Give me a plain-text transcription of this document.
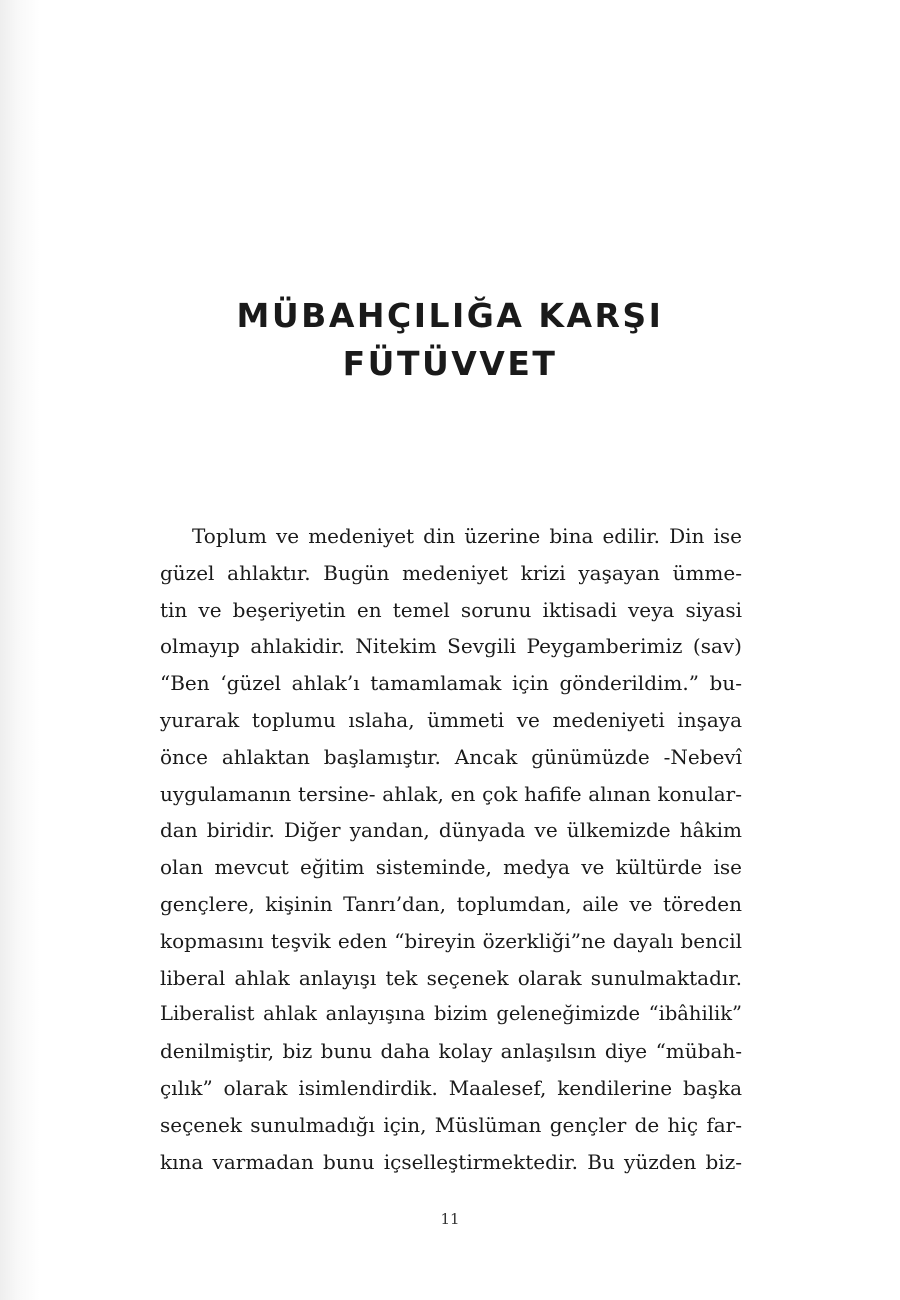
MÜBAHÇILIĞA KARŞI
FÜTÜVVET
Toplum ve medeniyet din üzerine bina edilir. Din ise
güzel ahlaktır. Bugün medeniyet krizi yaşayan ümme-
tin ve beşeriyetin en temel sorunu iktisadi veya siyasi
olmayıp ahlakidir. Nitekim Sevgili Peygamberimiz (sav)
“Ben ‘güzel ahlak’ı tamamlamak için gönderildim.” bu-
yurarak toplumu ıslaha, ümmeti ve medeniyeti inşaya
önce ahlaktan başlamıştır. Ancak günümüzde -Nebevî
uygulamanın tersine- ahlak, en çok hafife alınan konular-
dan biridir. Diğer yandan, dünyada ve ülkemizde hâkim
olan mevcut eğitim sisteminde, medya ve kültürde ise
gençlere, kişinin Tanrı’dan, toplumdan, aile ve töreden
kopmasını teşvik eden “bireyin özerkliği”ne dayalı bencil
liberal ahlak anlayışı tek seçenek olarak sunulmaktadır.
Liberalist ahlak anlayışına bizim geleneğimizde “ibâhilik”
denilmiştir, biz bunu daha kolay anlaşılsın diye “mübah-
çılık” olarak isimlendirdik. Maalesef, kendilerine başka
seçenek sunulmadığı için, Müslüman gençler de hiç far-
kına varmadan bunu içselleştirmektedir. Bu yüzden biz-
11
